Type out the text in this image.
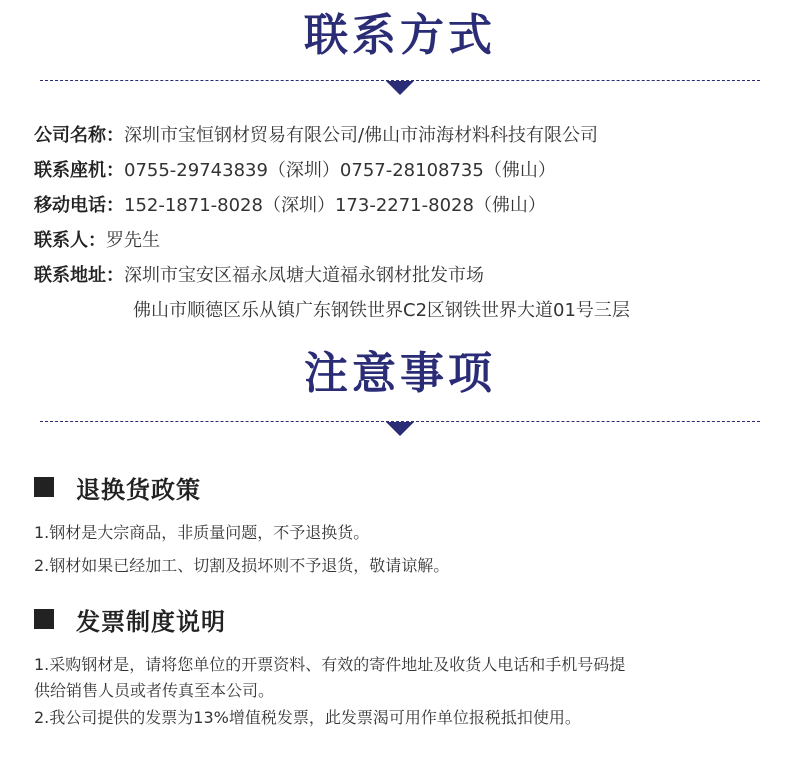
联系方式
公司名称：深圳市宝恒钢材贸易有限公司/佛山市沛海材料科技有限公司
联系座机：0755-29743839（深圳）0757-28108735（佛山）
移动电话：152-1871-8028（深圳）173-2271-8028（佛山）
联系人：罗先生
联系地址：深圳市宝安区福永凤塘大道福永钢材批发市场
佛山市顺德区乐从镇广东钢铁世界C2区钢铁世界大道01号三层
注意事项
退换货政策
1.钢材是大宗商品，非质量问题，不予退换货。
2.钢材如果已经加工、切割及损坏则不予退货，敬请谅解。
发票制度说明
1.采购钢材是，请将您单位的开票资料、有效的寄件地址及收货人电话和手机号码提
供给销售人员或者传真至本公司。
2.我公司提供的发票为13%增值税发票，此发票渴可用作单位报税抵扣使用。
